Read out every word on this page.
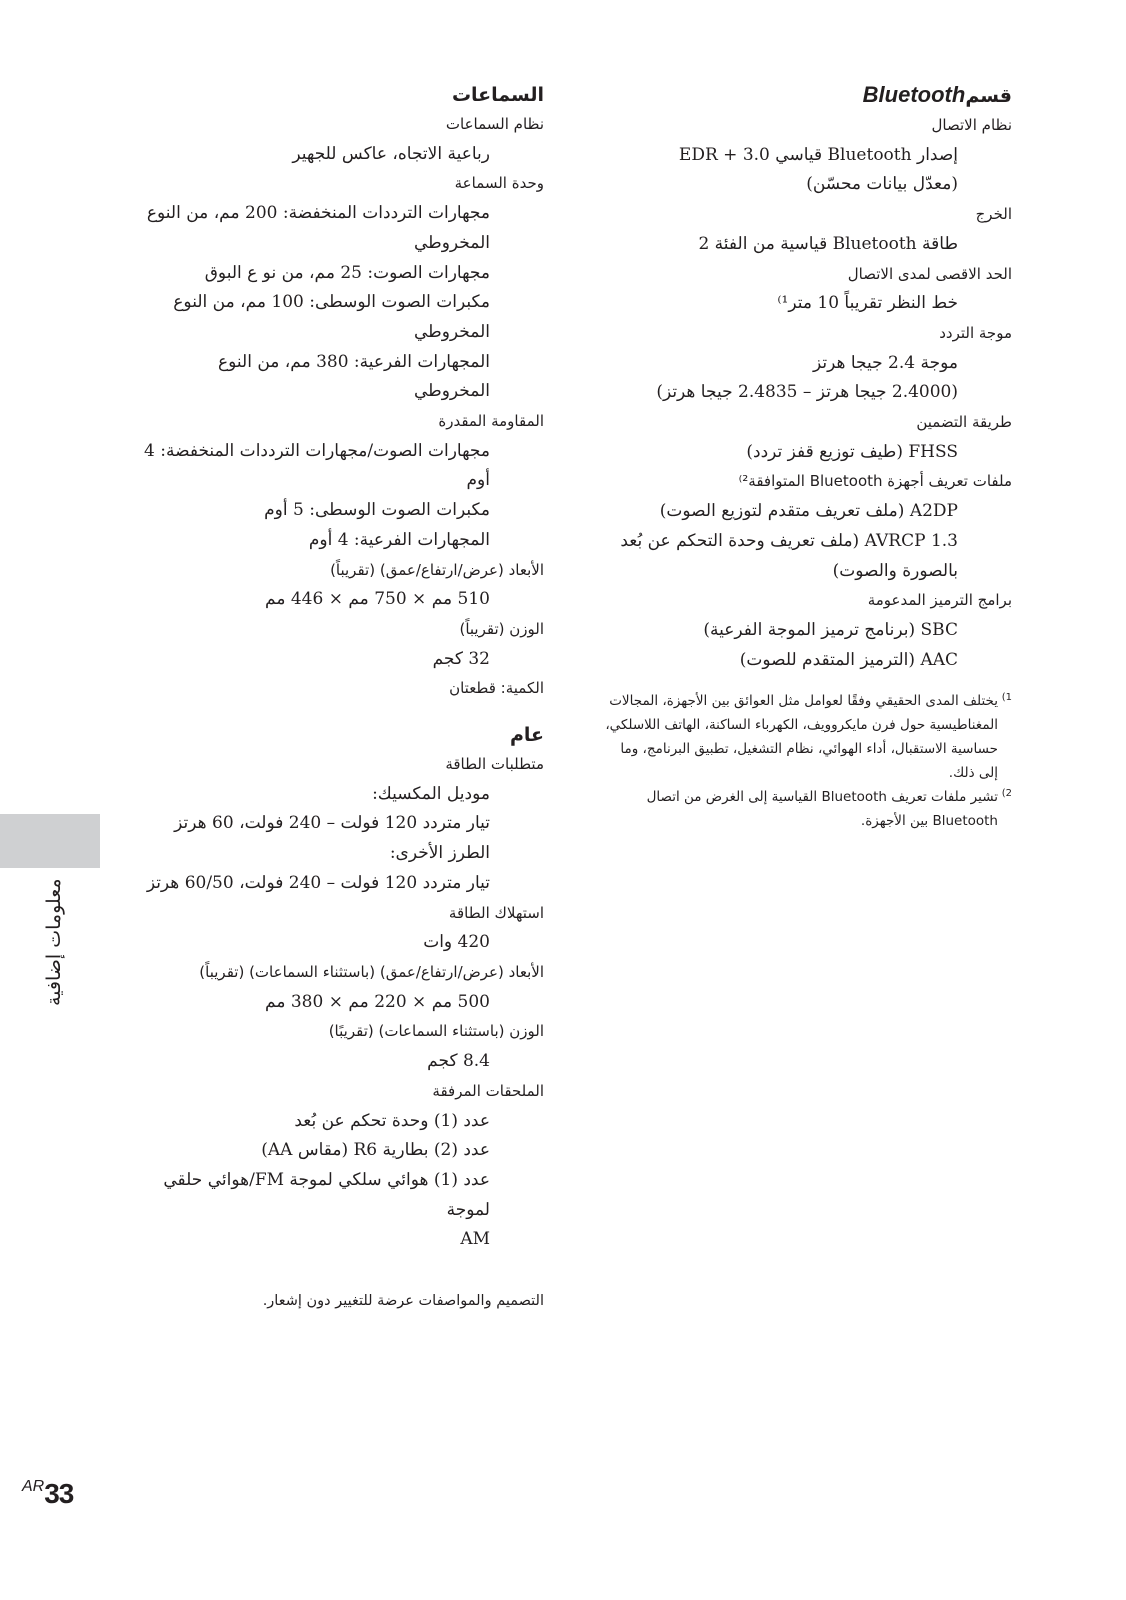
قسمBluetooth
نظام الاتصال
إصدار Bluetooth قياسي 3.0 + EDR
(معدّل بيانات محسّن)
الخرج
طاقة Bluetooth قياسية من الفئة 2
الحد الاقصى لمدى الاتصال
خط النظر تقريباً 10 متر¹⁾
موجة التردد
موجة 2.4 جيجا هرتز
(2.4000 جيجا هرتز – 2.4835 جيجا هرتز)
طريقة التضمين
FHSS (طيف توزيع قفز تردد)
ملفات تعريف أجهزة Bluetooth المتوافقة²⁾
A2DP (ملف تعريف متقدم لتوزيع الصوت)
AVRCP 1.3 (ملف تعريف وحدة التحكم عن بُعد
بالصورة والصوت)
برامج الترميز المدعومة
SBC (برنامج ترميز الموجة الفرعية)
AAC (الترميز المتقدم للصوت)
1)
يختلف المدى الحقيقي وفقًا لعوامل مثل العوائق بين الأجهزة، المجالات المغناطيسية حول فرن مايكروويف، الكهرباء الساكنة، الهاتف اللاسلكي، حساسية الاستقبال، أداء الهوائي، نظام التشغيل، تطبيق البرنامج، وما إلى ذلك.
2)
تشير ملفات تعريف Bluetooth القياسية إلى الغرض من اتصال Bluetooth بين الأجهزة.
السماعات
نظام السماعات
رباعية الاتجاه، عاكس للجهير
وحدة السماعة
مجهارات الترددات المنخفضة: 200 مم، من النوع
المخروطي
مجهارات الصوت: 25 مم، من نو ع البوق
مكبرات الصوت الوسطى: 100 مم، من النوع
المخروطي
المجهارات الفرعية: 380 مم، من النوع المخروطي
المقاومة المقدرة
مجهارات الصوت/مجهارات الترددات المنخفضة: 4 أوم
مكبرات الصوت الوسطى: 5 أوم
المجهارات الفرعية: 4 أوم
الأبعاد (عرض/ارتفاع/عمق) (تقريباً)
510 مم × 750 مم × 446 مم
الوزن (تقريباً)
32 كجم
الكمية: قطعتان
عام
متطلبات الطاقة
موديل المكسيك:
تيار متردد 120 فولت – 240 فولت، 60 هرتز
الطرز الأخرى:
تيار متردد 120 فولت – 240 فولت، 60/50 هرتز
استهلاك الطاقة
420 وات
الأبعاد (عرض/ارتفاع/عمق) (باستثناء السماعات) (تقريباً)
500 مم × 220 مم × 380 مم
الوزن (باستثناء السماعات) (تقريبًا)
8.4 كجم
الملحقات المرفقة
عدد (1) وحدة تحكم عن بُعد
عدد (2) بطارية R6 (مقاس AA)
عدد (1) هوائي سلكي لموجة FM/هوائي حلقي لموجة
AM
التصميم والمواصفات عرضة للتغيير دون إشعار.
معلومات إضافية
AR33
